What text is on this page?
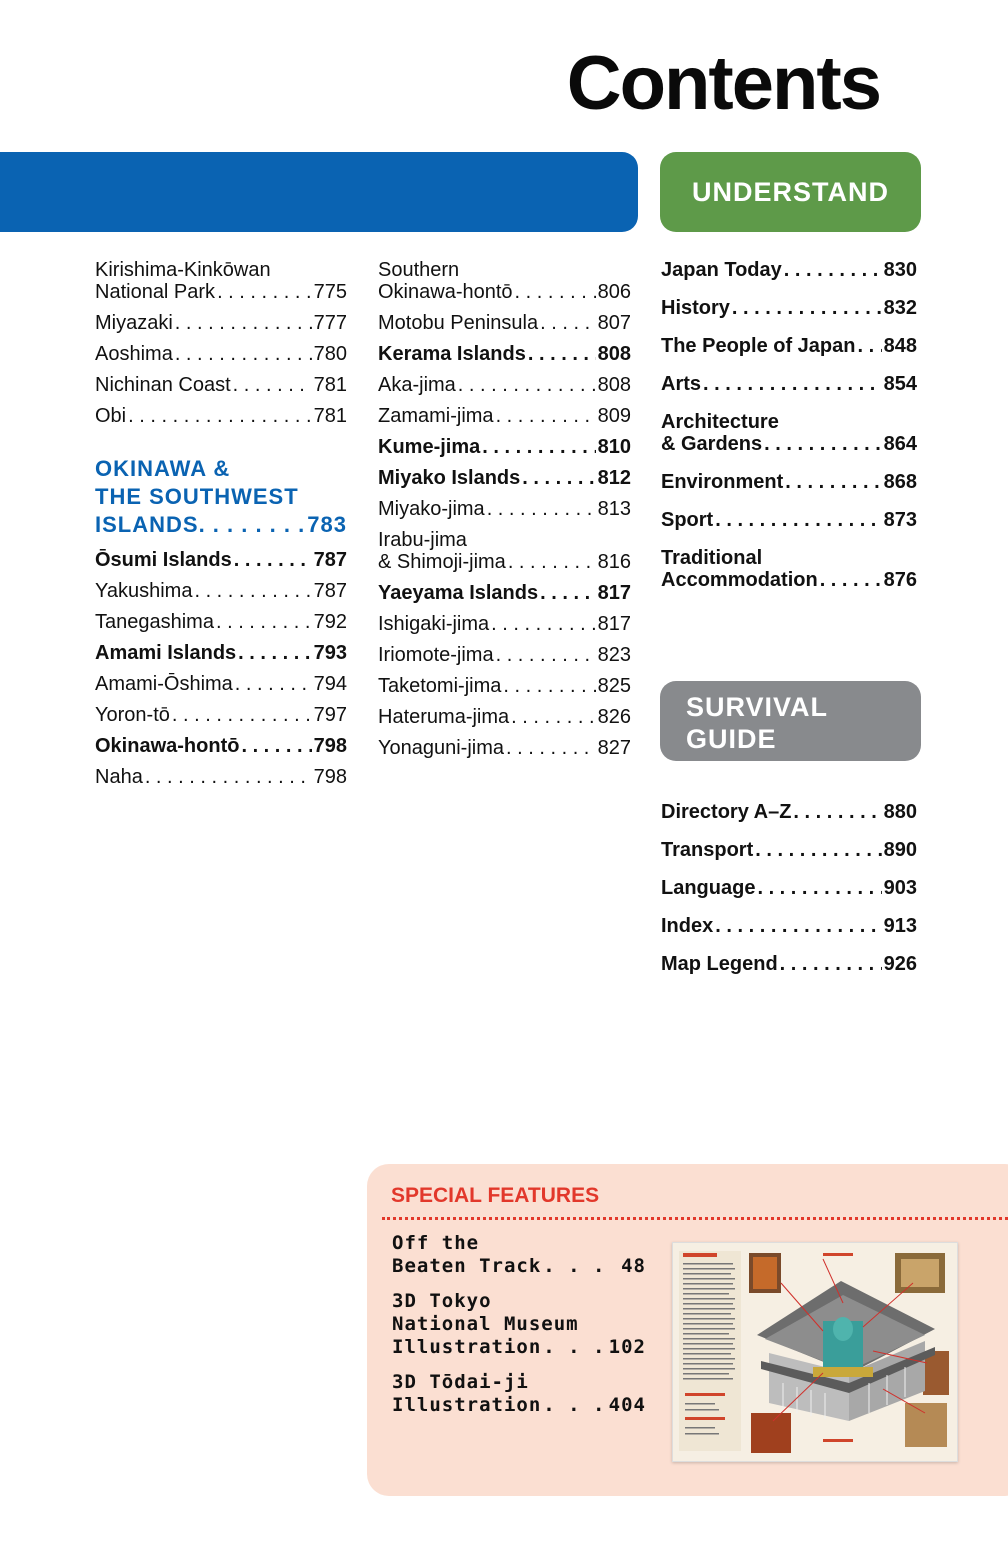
Contents
UNDERSTAND
SURVIVAL
GUIDE
Kirishima-Kinkōwan
National Park . . .	775
Miyazaki . . .	777
Aoshima . . .	780
Nichinan Coast . . .	781
Obi . . .	781
OKINAWA &
THE SOUTHWEST
ISLANDS . . .	783
Ōsumi Islands . . .	787
Yakushima . . .	787
Tanegashima . . .	792
Amami Islands . . .	793
Amami-Ōshima . . .	794
Yoron-tō . . .	797
Okinawa-hontō . . .	798
Naha . . .	798
Southern
Okinawa-hontō . . .	806
Motobu Peninsula . . .	807
Kerama Islands . . .	808
Aka-jima . . .	808
Zamami-jima . . .	809
Kume-jima . . .	810
Miyako Islands . . .	812
Miyako-jima . . .	813
Irabu-jima
& Shimoji-jima . . .	816
Yaeyama Islands . . .	817
Ishigaki-jima . . .	817
Iriomote-jima . . .	823
Taketomi-jima . . .	825
Hateruma-jima . . .	826
Yonaguni-jima . . .	827
Japan Today . . .	830
History . . .	832
The People of Japan . . .	848
Arts . . .	854
Architecture
& Gardens . . .	864
Environment . . .	868
Sport . . .	873
Traditional
Accommodation . . .	876
Directory A–Z . . .	880
Transport . . .	890
Language . . .	903
Index . . .	913
Map Legend . . .	926
SPECIAL FEATURES
Off the
Beaten Track . . .	48
3D Tokyo
National Museum
Illustration . . .	102
3D Tōdai-ji
Illustration . . .	404
